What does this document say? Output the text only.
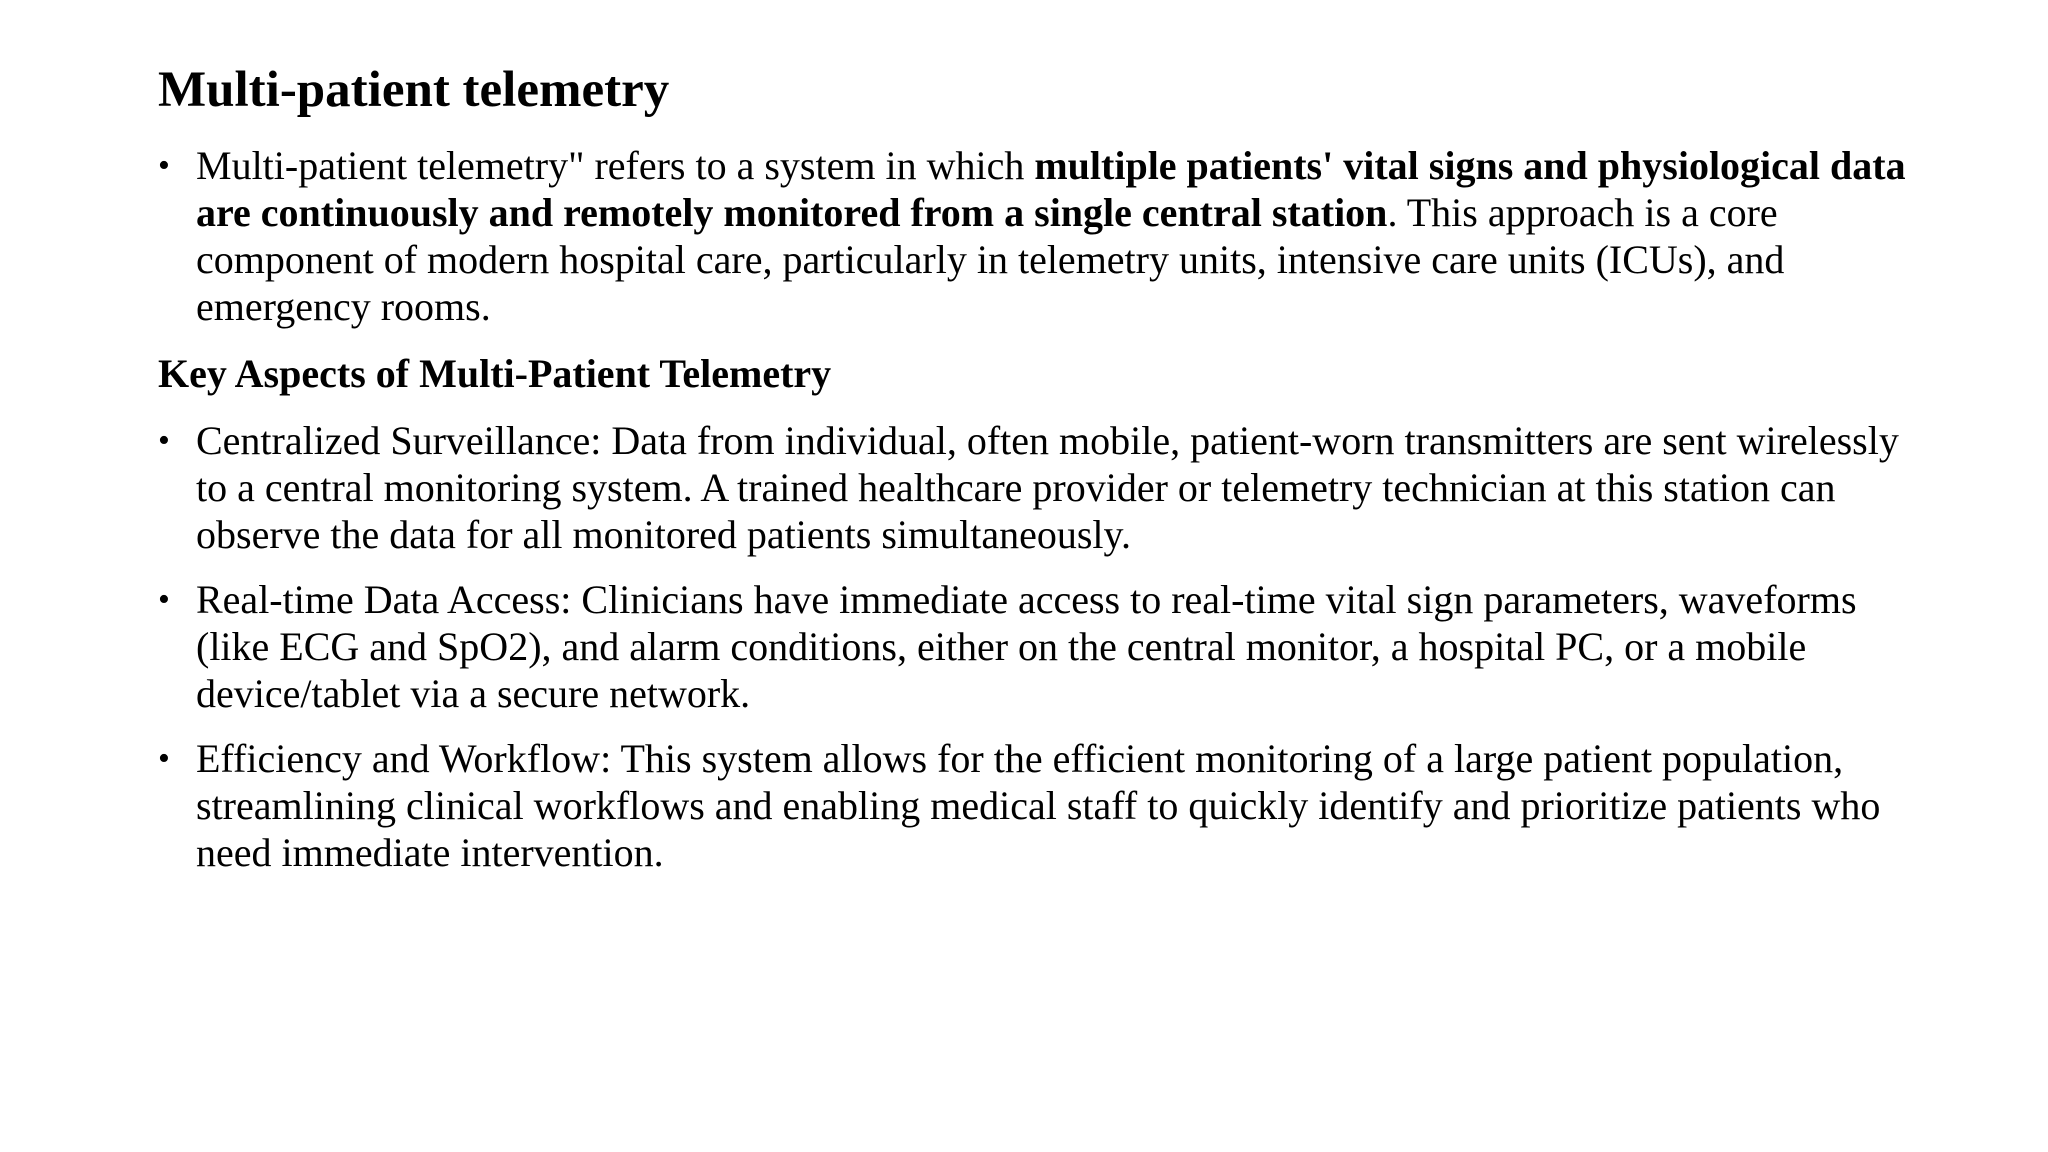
Multi-patient telemetry
• Multi-patient telemetry" refers to a system in which multiple patients' vital signs and physiological data are continuously and remotely monitored from a single central station. This approach is a core component of modern hospital care, particularly in telemetry units, intensive care units (ICUs), and emergency rooms.
Key Aspects of Multi-Patient Telemetry
• Centralized Surveillance: Data from individual, often mobile, patient-worn transmitters are sent wirelessly to a central monitoring system. A trained healthcare provider or telemetry technician at this station can observe the data for all monitored patients simultaneously.
• Real-time Data Access: Clinicians have immediate access to real-time vital sign parameters, waveforms (like ECG and SpO2), and alarm conditions, either on the central monitor, a hospital PC, or a mobile device/tablet via a secure network.
• Efficiency and Workflow: This system allows for the efficient monitoring of a large patient population, streamlining clinical workflows and enabling medical staff to quickly identify and prioritize patients who need immediate intervention.
